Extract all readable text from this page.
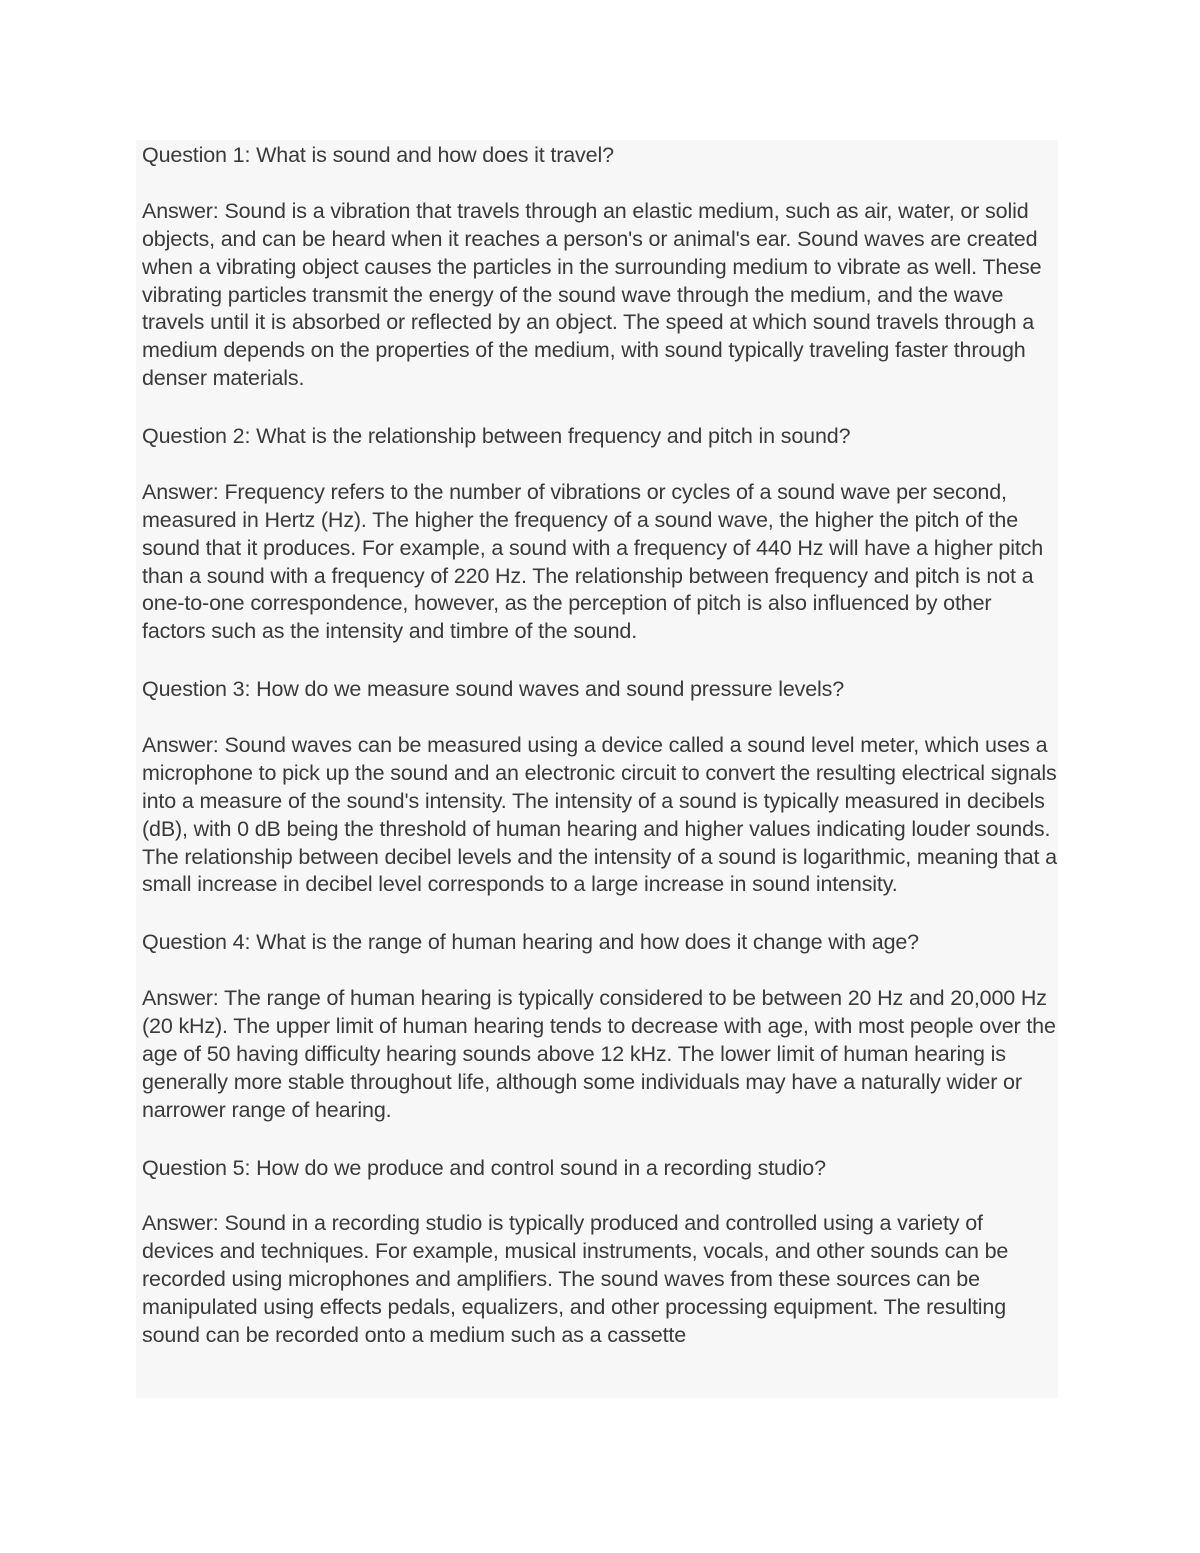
Question 1: What is sound and how does it travel?

Answer: Sound is a vibration that travels through an elastic medium, such as air, water, or solid objects, and can be heard when it reaches a person's or animal's ear. Sound waves are created when a vibrating object causes the particles in the surrounding medium to vibrate as well. These vibrating particles transmit the energy of the sound wave through the medium, and the wave travels until it is absorbed or reflected by an object. The speed at which sound travels through a medium depends on the properties of the medium, with sound typically traveling faster through denser materials.

Question 2: What is the relationship between frequency and pitch in sound?

Answer: Frequency refers to the number of vibrations or cycles of a sound wave per second, measured in Hertz (Hz). The higher the frequency of a sound wave, the higher the pitch of the sound that it produces. For example, a sound with a frequency of 440 Hz will have a higher pitch than a sound with a frequency of 220 Hz. The relationship between frequency and pitch is not a one-to-one correspondence, however, as the perception of pitch is also influenced by other factors such as the intensity and timbre of the sound.

Question 3: How do we measure sound waves and sound pressure levels?

Answer: Sound waves can be measured using a device called a sound level meter, which uses a microphone to pick up the sound and an electronic circuit to convert the resulting electrical signals into a measure of the sound's intensity. The intensity of a sound is typically measured in decibels (dB), with 0 dB being the threshold of human hearing and higher values indicating louder sounds. The relationship between decibel levels and the intensity of a sound is logarithmic, meaning that a small increase in decibel level corresponds to a large increase in sound intensity.

Question 4: What is the range of human hearing and how does it change with age?

Answer: The range of human hearing is typically considered to be between 20 Hz and 20,000 Hz (20 kHz). The upper limit of human hearing tends to decrease with age, with most people over the age of 50 having difficulty hearing sounds above 12 kHz. The lower limit of human hearing is generally more stable throughout life, although some individuals may have a naturally wider or narrower range of hearing.

Question 5: How do we produce and control sound in a recording studio?

Answer: Sound in a recording studio is typically produced and controlled using a variety of devices and techniques. For example, musical instruments, vocals, and other sounds can be recorded using microphones and amplifiers. The sound waves from these sources can be manipulated using effects pedals, equalizers, and other processing equipment. The resulting sound can be recorded onto a medium such as a cassette
